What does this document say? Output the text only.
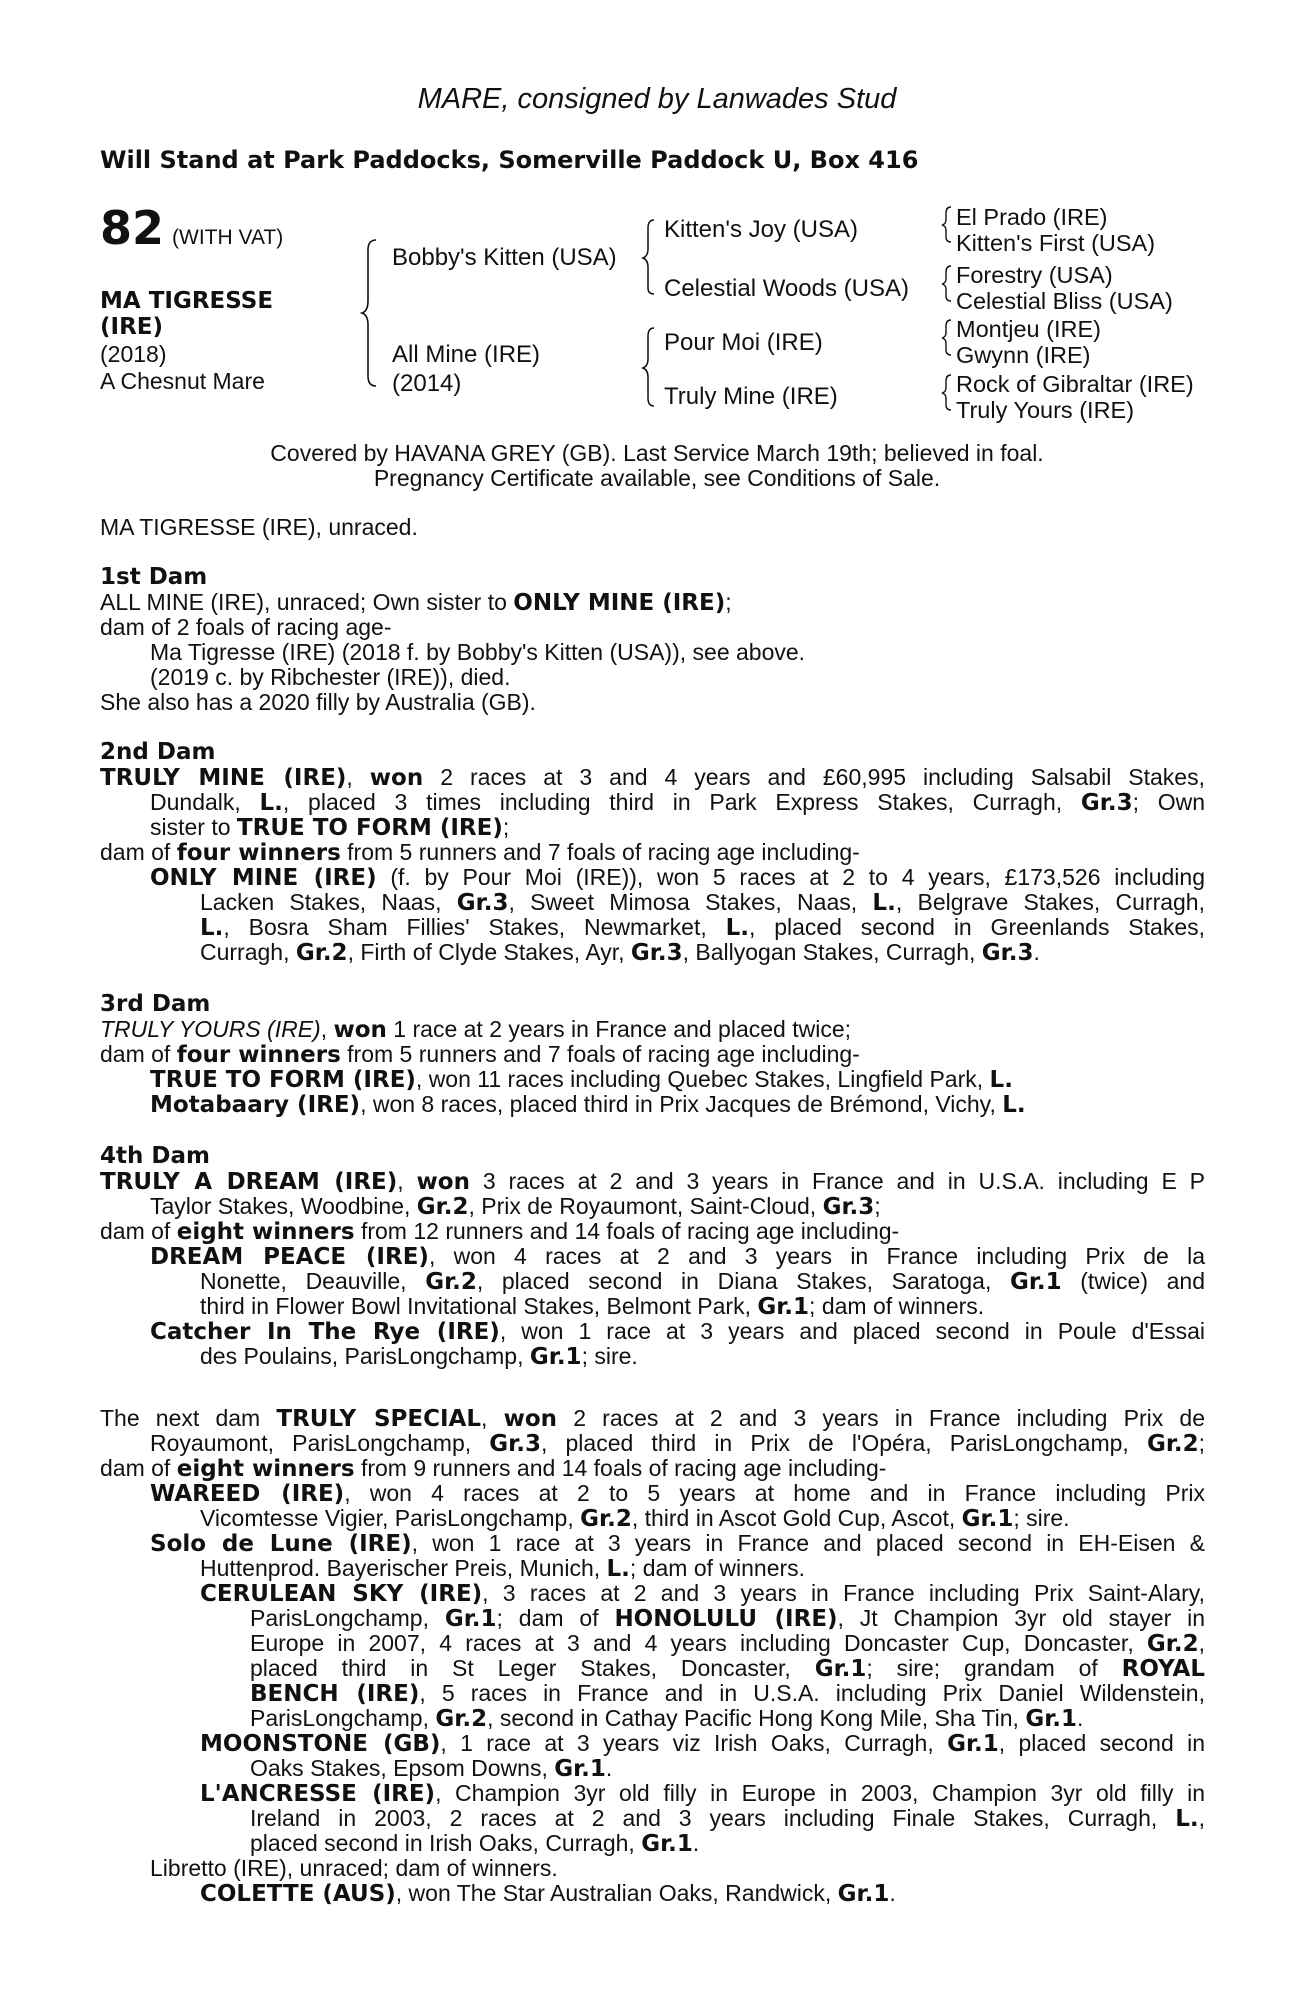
MARE, consigned by Lanwades Stud
Will Stand at Park Paddocks, Somerville Paddock U, Box 416
82 (WITH VAT)
MA TIGRESSE
(IRE)
(2018)
A Chesnut Mare
Bobby's Kitten (USA)
All Mine (IRE)
(2014)
Kitten's Joy (USA)
Celestial Woods (USA)
Pour Moi (IRE)
Truly Mine (IRE)
El Prado (IRE)
Kitten's First (USA)
Forestry (USA)
Celestial Bliss (USA)
Montjeu (IRE)
Gwynn (IRE)
Rock of Gibraltar (IRE)
Truly Yours (IRE)
Covered by HAVANA GREY (GB). Last Service March 19th; believed in foal.
Pregnancy Certificate available, see Conditions of Sale.
MA TIGRESSE (IRE), unraced.
1st Dam
ALL MINE (IRE), unraced; Own sister to ONLY MINE (IRE);
dam of 2 foals of racing age-
Ma Tigresse (IRE) (2018 f. by Bobby's Kitten (USA)), see above.
(2019 c. by Ribchester (IRE)), died.
She also has a 2020 filly by Australia (GB).
2nd Dam
TRULY MINE (IRE), won 2 races at 3 and 4 years and £60,995 including Salsabil Stakes,
Dundalk, L., placed 3 times including third in Park Express Stakes, Curragh, Gr.3; Own
sister to TRUE TO FORM (IRE);
dam of four winners from 5 runners and 7 foals of racing age including-
ONLY MINE (IRE) (f. by Pour Moi (IRE)), won 5 races at 2 to 4 years, £173,526 including
Lacken Stakes, Naas, Gr.3, Sweet Mimosa Stakes, Naas, L., Belgrave Stakes, Curragh,
L., Bosra Sham Fillies' Stakes, Newmarket, L., placed second in Greenlands Stakes,
Curragh, Gr.2, Firth of Clyde Stakes, Ayr, Gr.3, Ballyogan Stakes, Curragh, Gr.3.
3rd Dam
TRULY YOURS (IRE), won 1 race at 2 years in France and placed twice;
dam of four winners from 5 runners and 7 foals of racing age including-
TRUE TO FORM (IRE), won 11 races including Quebec Stakes, Lingfield Park, L.
Motabaary (IRE), won 8 races, placed third in Prix Jacques de Brémond, Vichy, L.
4th Dam
TRULY A DREAM (IRE), won 3 races at 2 and 3 years in France and in U.S.A. including E P
Taylor Stakes, Woodbine, Gr.2, Prix de Royaumont, Saint-Cloud, Gr.3;
dam of eight winners from 12 runners and 14 foals of racing age including-
DREAM PEACE (IRE), won 4 races at 2 and 3 years in France including Prix de la
Nonette, Deauville, Gr.2, placed second in Diana Stakes, Saratoga, Gr.1 (twice) and
third in Flower Bowl Invitational Stakes, Belmont Park, Gr.1; dam of winners.
Catcher In The Rye (IRE), won 1 race at 3 years and placed second in Poule d'Essai
des Poulains, ParisLongchamp, Gr.1; sire.
The next dam TRULY SPECIAL, won 2 races at 2 and 3 years in France including Prix de
Royaumont, ParisLongchamp, Gr.3, placed third in Prix de l'Opéra, ParisLongchamp, Gr.2;
dam of eight winners from 9 runners and 14 foals of racing age including-
WAREED (IRE), won 4 races at 2 to 5 years at home and in France including Prix
Vicomtesse Vigier, ParisLongchamp, Gr.2, third in Ascot Gold Cup, Ascot, Gr.1; sire.
Solo de Lune (IRE), won 1 race at 3 years in France and placed second in EH-Eisen &
Huttenprod. Bayerischer Preis, Munich, L.; dam of winners.
CERULEAN SKY (IRE), 3 races at 2 and 3 years in France including Prix Saint-Alary,
ParisLongchamp, Gr.1; dam of HONOLULU (IRE), Jt Champion 3yr old stayer in
Europe in 2007, 4 races at 3 and 4 years including Doncaster Cup, Doncaster, Gr.2,
placed third in St Leger Stakes, Doncaster, Gr.1; sire; grandam of ROYAL
BENCH (IRE), 5 races in France and in U.S.A. including Prix Daniel Wildenstein,
ParisLongchamp, Gr.2, second in Cathay Pacific Hong Kong Mile, Sha Tin, Gr.1.
MOONSTONE (GB), 1 race at 3 years viz Irish Oaks, Curragh, Gr.1, placed second in
Oaks Stakes, Epsom Downs, Gr.1.
L'ANCRESSE (IRE), Champion 3yr old filly in Europe in 2003, Champion 3yr old filly in
Ireland in 2003, 2 races at 2 and 3 years including Finale Stakes, Curragh, L.,
placed second in Irish Oaks, Curragh, Gr.1.
Libretto (IRE), unraced; dam of winners.
COLETTE (AUS), won The Star Australian Oaks, Randwick, Gr.1.
